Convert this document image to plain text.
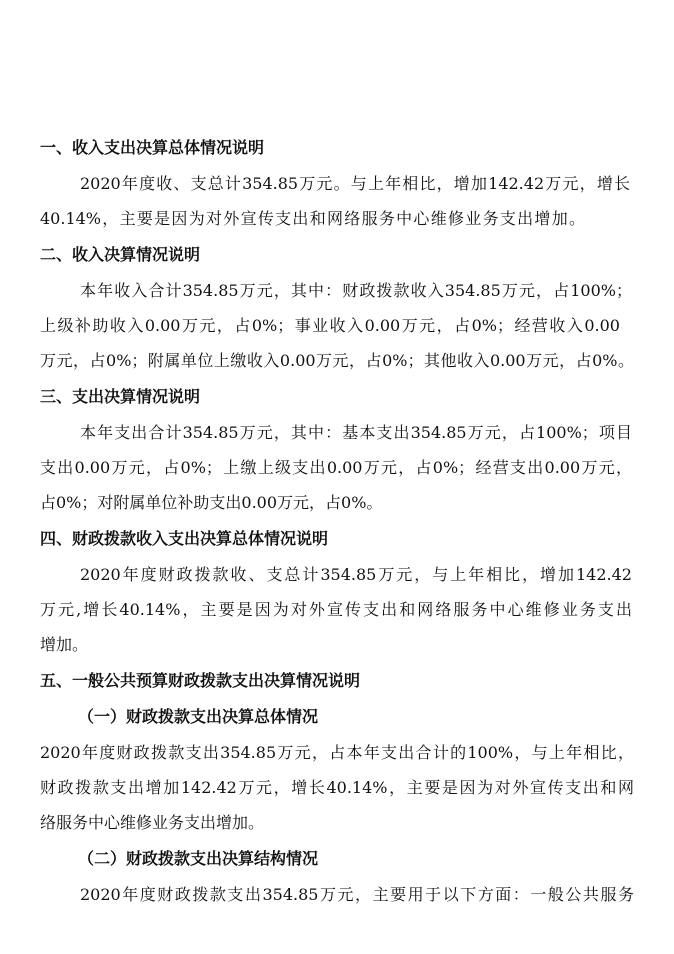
一、收入支出决算总体情况说明
2020年度收、支总计354.85万元。与上年相比，增加142.42万元，增长
40.14%，主要是因为对外宣传支出和网络服务中心维修业务支出增加。
二、收入决算情况说明
本年收入合计354.85万元，其中：财政拨款收入354.85万元，占100%；
上级补助收入0.00万元，占0%；事业收入0.00万元，占0%；经营收入0.00
万元，占0%；附属单位上缴收入0.00万元，占0%；其他收入0.00万元，占0%。
三、支出决算情况说明
本年支出合计354.85万元，其中：基本支出354.85万元，占100%；项目
支出0.00万元，占0%；上缴上级支出0.00万元，占0%；经营支出0.00万元，
占0%；对附属单位补助支出0.00万元，占0%。
四、财政拨款收入支出决算总体情况说明
2020年度财政拨款收、支总计354.85万元，与上年相比，增加142.42
万元,增长40.14%，主要是因为对外宣传支出和网络服务中心维修业务支出
增加。
五、一般公共预算财政拨款支出决算情况说明
（一）财政拨款支出决算总体情况
2020年度财政拨款支出354.85万元，占本年支出合计的100%，与上年相比，
财政拨款支出增加142.42万元，增长40.14%，主要是因为对外宣传支出和网
络服务中心维修业务支出增加。
（二）财政拨款支出决算结构情况
2020年度财政拨款支出354.85万元，主要用于以下方面：一般公共服务
